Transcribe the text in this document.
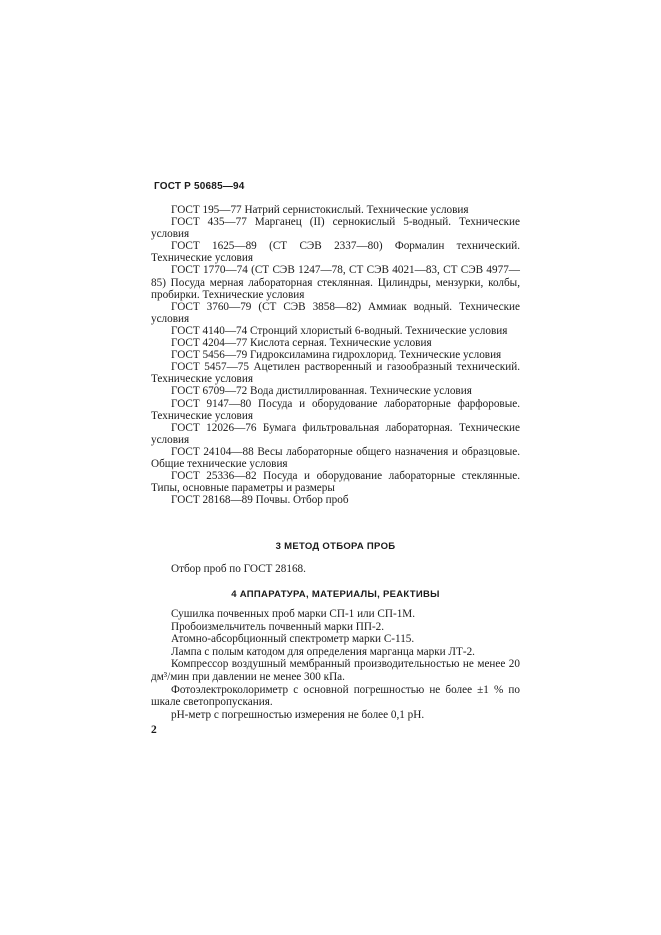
ГОСТ Р 50685—94

ГОСТ 195—77 Натрий сернистокислый. Технические условия

ГОСТ 435—77 Марганец (II) сернокислый 5-водный. Технические условия

ГОСТ 1625—89 (СТ СЭВ 2337—80) Формалин технический. Технические условия

ГОСТ 1770—74 (СТ СЭВ 1247—78, СТ СЭВ 4021—83, СТ СЭВ 4977—85) Посуда мерная лабораторная стеклянная. Цилиндры, мензурки, колбы, пробирки. Технические условия

ГОСТ 3760—79 (СТ СЭВ 3858—82) Аммиак водный. Технические условия

ГОСТ 4140—74 Стронций хлористый 6-водный. Технические условия

ГОСТ 4204—77 Кислота серная. Технические условия

ГОСТ 5456—79 Гидроксиламина гидрохлорид. Технические условия

ГОСТ 5457—75 Ацетилен растворенный и газообразный технический. Технические условия

ГОСТ 6709—72 Вода дистиллированная. Технические условия

ГОСТ 9147—80 Посуда и оборудование лабораторные фарфоровые. Технические условия

ГОСТ 12026—76 Бумага фильтровальная лабораторная. Технические условия

ГОСТ 24104—88 Весы лабораторные общего назначения и образцовые. Общие технические условия

ГОСТ 25336—82 Посуда и оборудование лабораторные стеклянные. Типы, основные параметры и размеры

ГОСТ 28168—89 Почвы. Отбор проб

3 МЕТОД ОТБОРА ПРОБ
Отбор проб по ГОСТ 28168.
4 АППАРАТУРА, МАТЕРИАЛЫ, РЕАКТИВЫ

Сушилка почвенных проб марки СП-1 или СП-1М.

Пробоизмельчитель почвенный марки ПП-2.

Атомно-абсорбционный спектрометр марки С-115.

Лампа с полым катодом для определения марганца марки ЛТ-2.

Компрессор воздушный мембранный производительностью не менее 20 дм³/мин при давлении не менее 300 кПа.

Фотоэлектроколориметр с основной погрешностью не более ±1 % по шкале светопропускания.

рН-метр с погрешностью измерения не более 0,1 рН.

2
